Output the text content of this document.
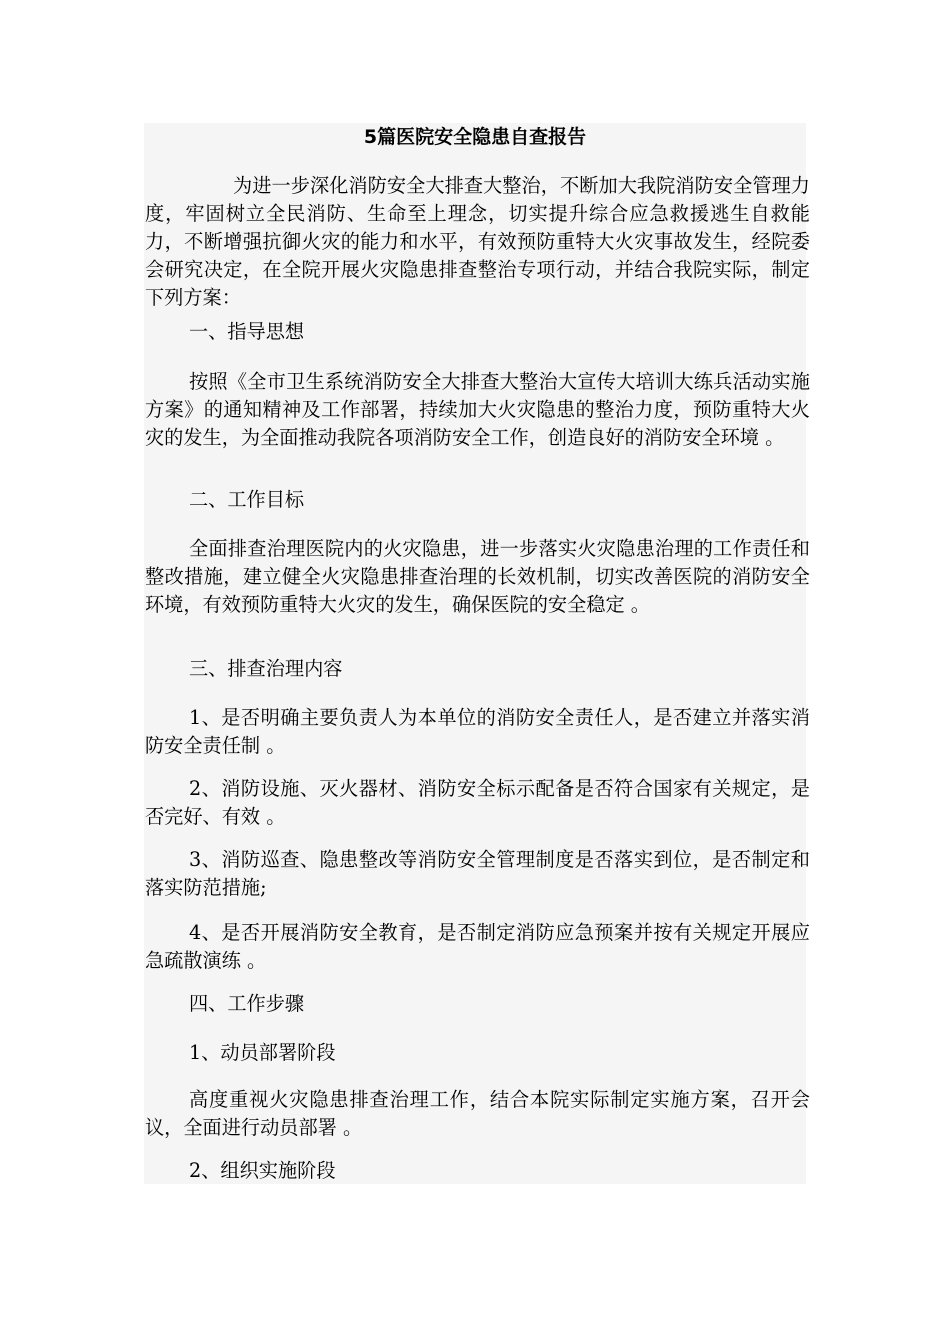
5篇医院安全隐患自查报告

为进一步深化消防安全大排查大整治，不断加大我院消防安全管理力度，牢固树立全民消防、生命至上理念，切实提升综合应急救援逃生自救能力，不断增强抗御火灾的能力和水平，有效预防重特大火灾事故发生，经院委会研究决定，在全院开展火灾隐患排查整治专项行动，并结合我院实际，制定下列方案：

一、指导思想

按照《全市卫生系统消防安全大排查大整治大宣传大培训大练兵活动实施方案》的通知精神及工作部署，持续加大火灾隐患的整治力度，预防重特大火灾的发生，为全面推动我院各项消防安全工作，创造良好的消防安全环境 。

二、工作目标

全面排查治理医院内的火灾隐患，进一步落实火灾隐患治理的工作责任和整改措施，建立健全火灾隐患排查治理的长效机制，切实改善医院的消防安全环境，有效预防重特大火灾的发生，确保医院的安全稳定 。

三、排查治理内容

1、是否明确主要负责人为本单位的消防安全责任人，是否建立并落实消防安全责任制 。

2、消防设施、灭火器材、消防安全标示配备是否符合国家有关规定，是否完好、有效 。

3、消防巡查、隐患整改等消防安全管理制度是否落实到位，是否制定和落实防范措施;

4、是否开展消防安全教育，是否制定消防应急预案并按有关规定开展应急疏散演练 。

四、工作步骤

1、动员部署阶段

高度重视火灾隐患排查治理工作，结合本院实际制定实施方案，召开会议，全面进行动员部署 。

2、组织实施阶段
